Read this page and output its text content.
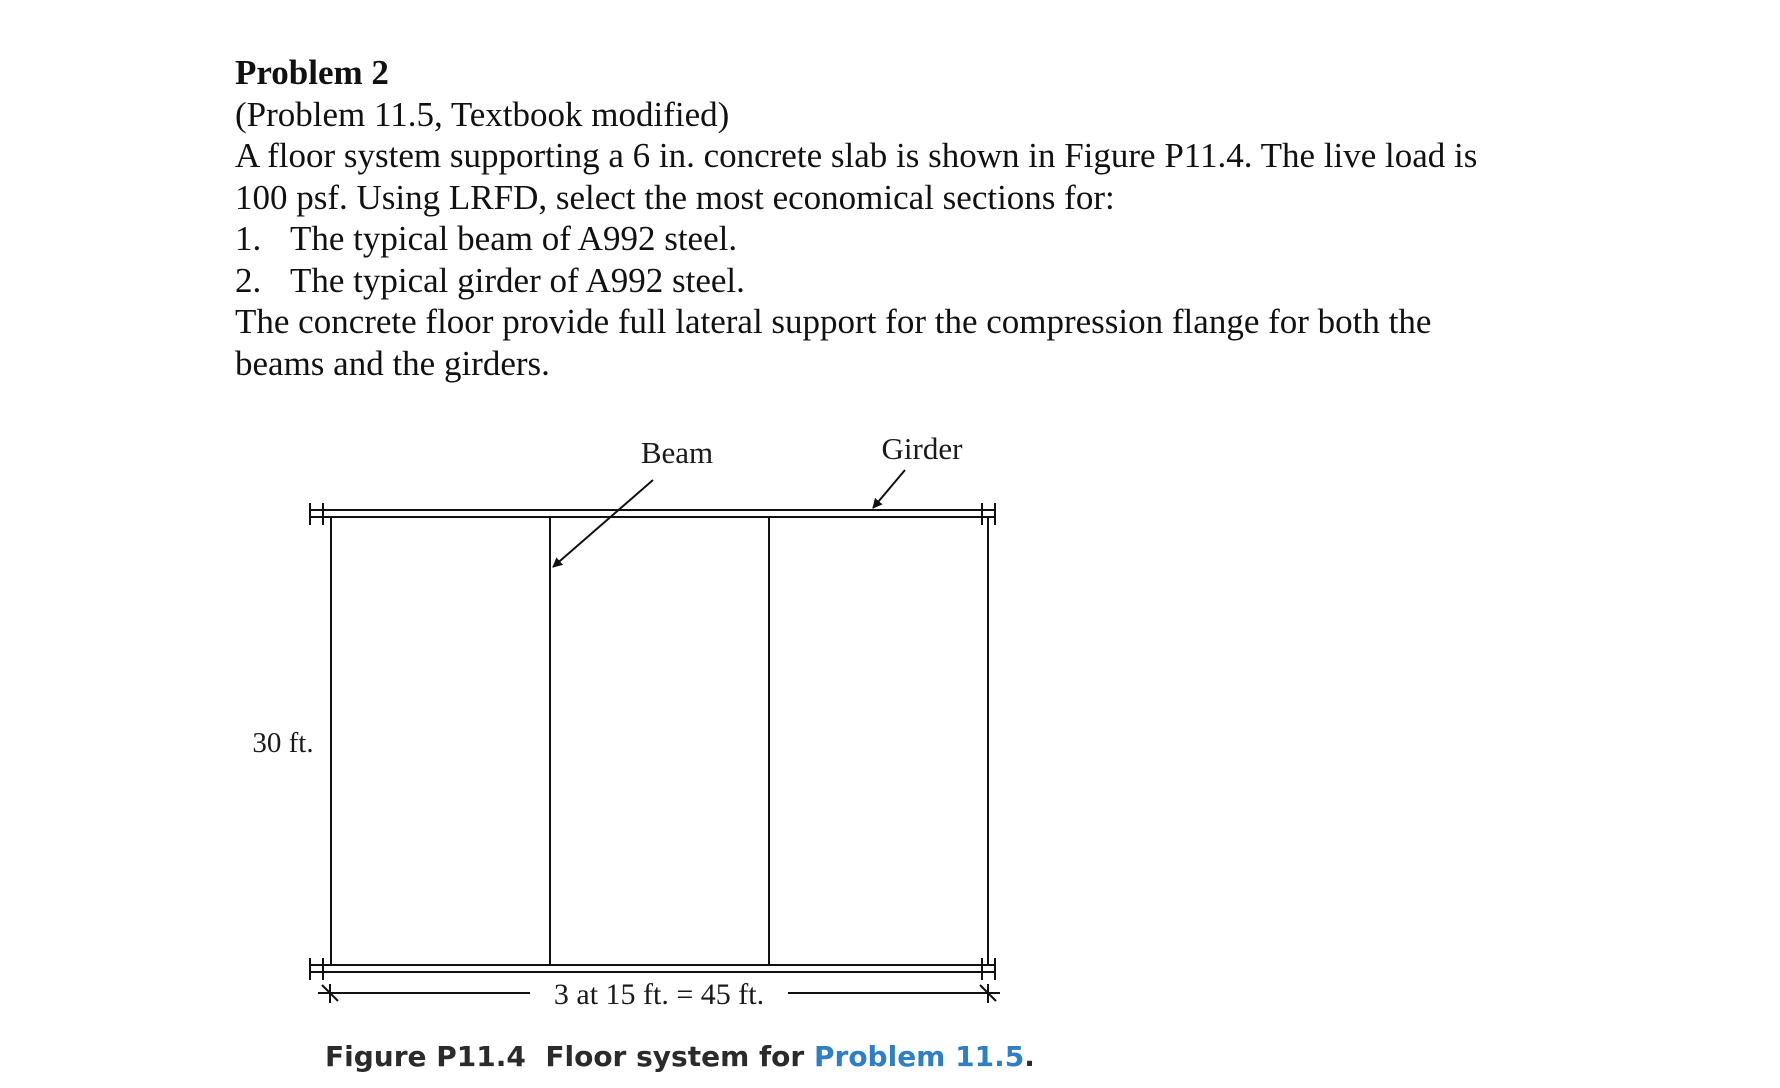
Problem 2
(Problem 11.5, Textbook modified)
A floor system supporting a 6 in. concrete slab is shown in Figure P11.4. The live load is
100 psf. Using LRFD, select the most economical sections for:
1. The typical beam of A992 steel.
2. The typical girder of A992 steel.
The concrete floor provide full lateral support for the compression flange for both the
beams and the girders.
Beam	Girder
30 ft.
3 at 15 ft. = 45 ft.
Figure P11.4 Floor system for Problem 11.5.
